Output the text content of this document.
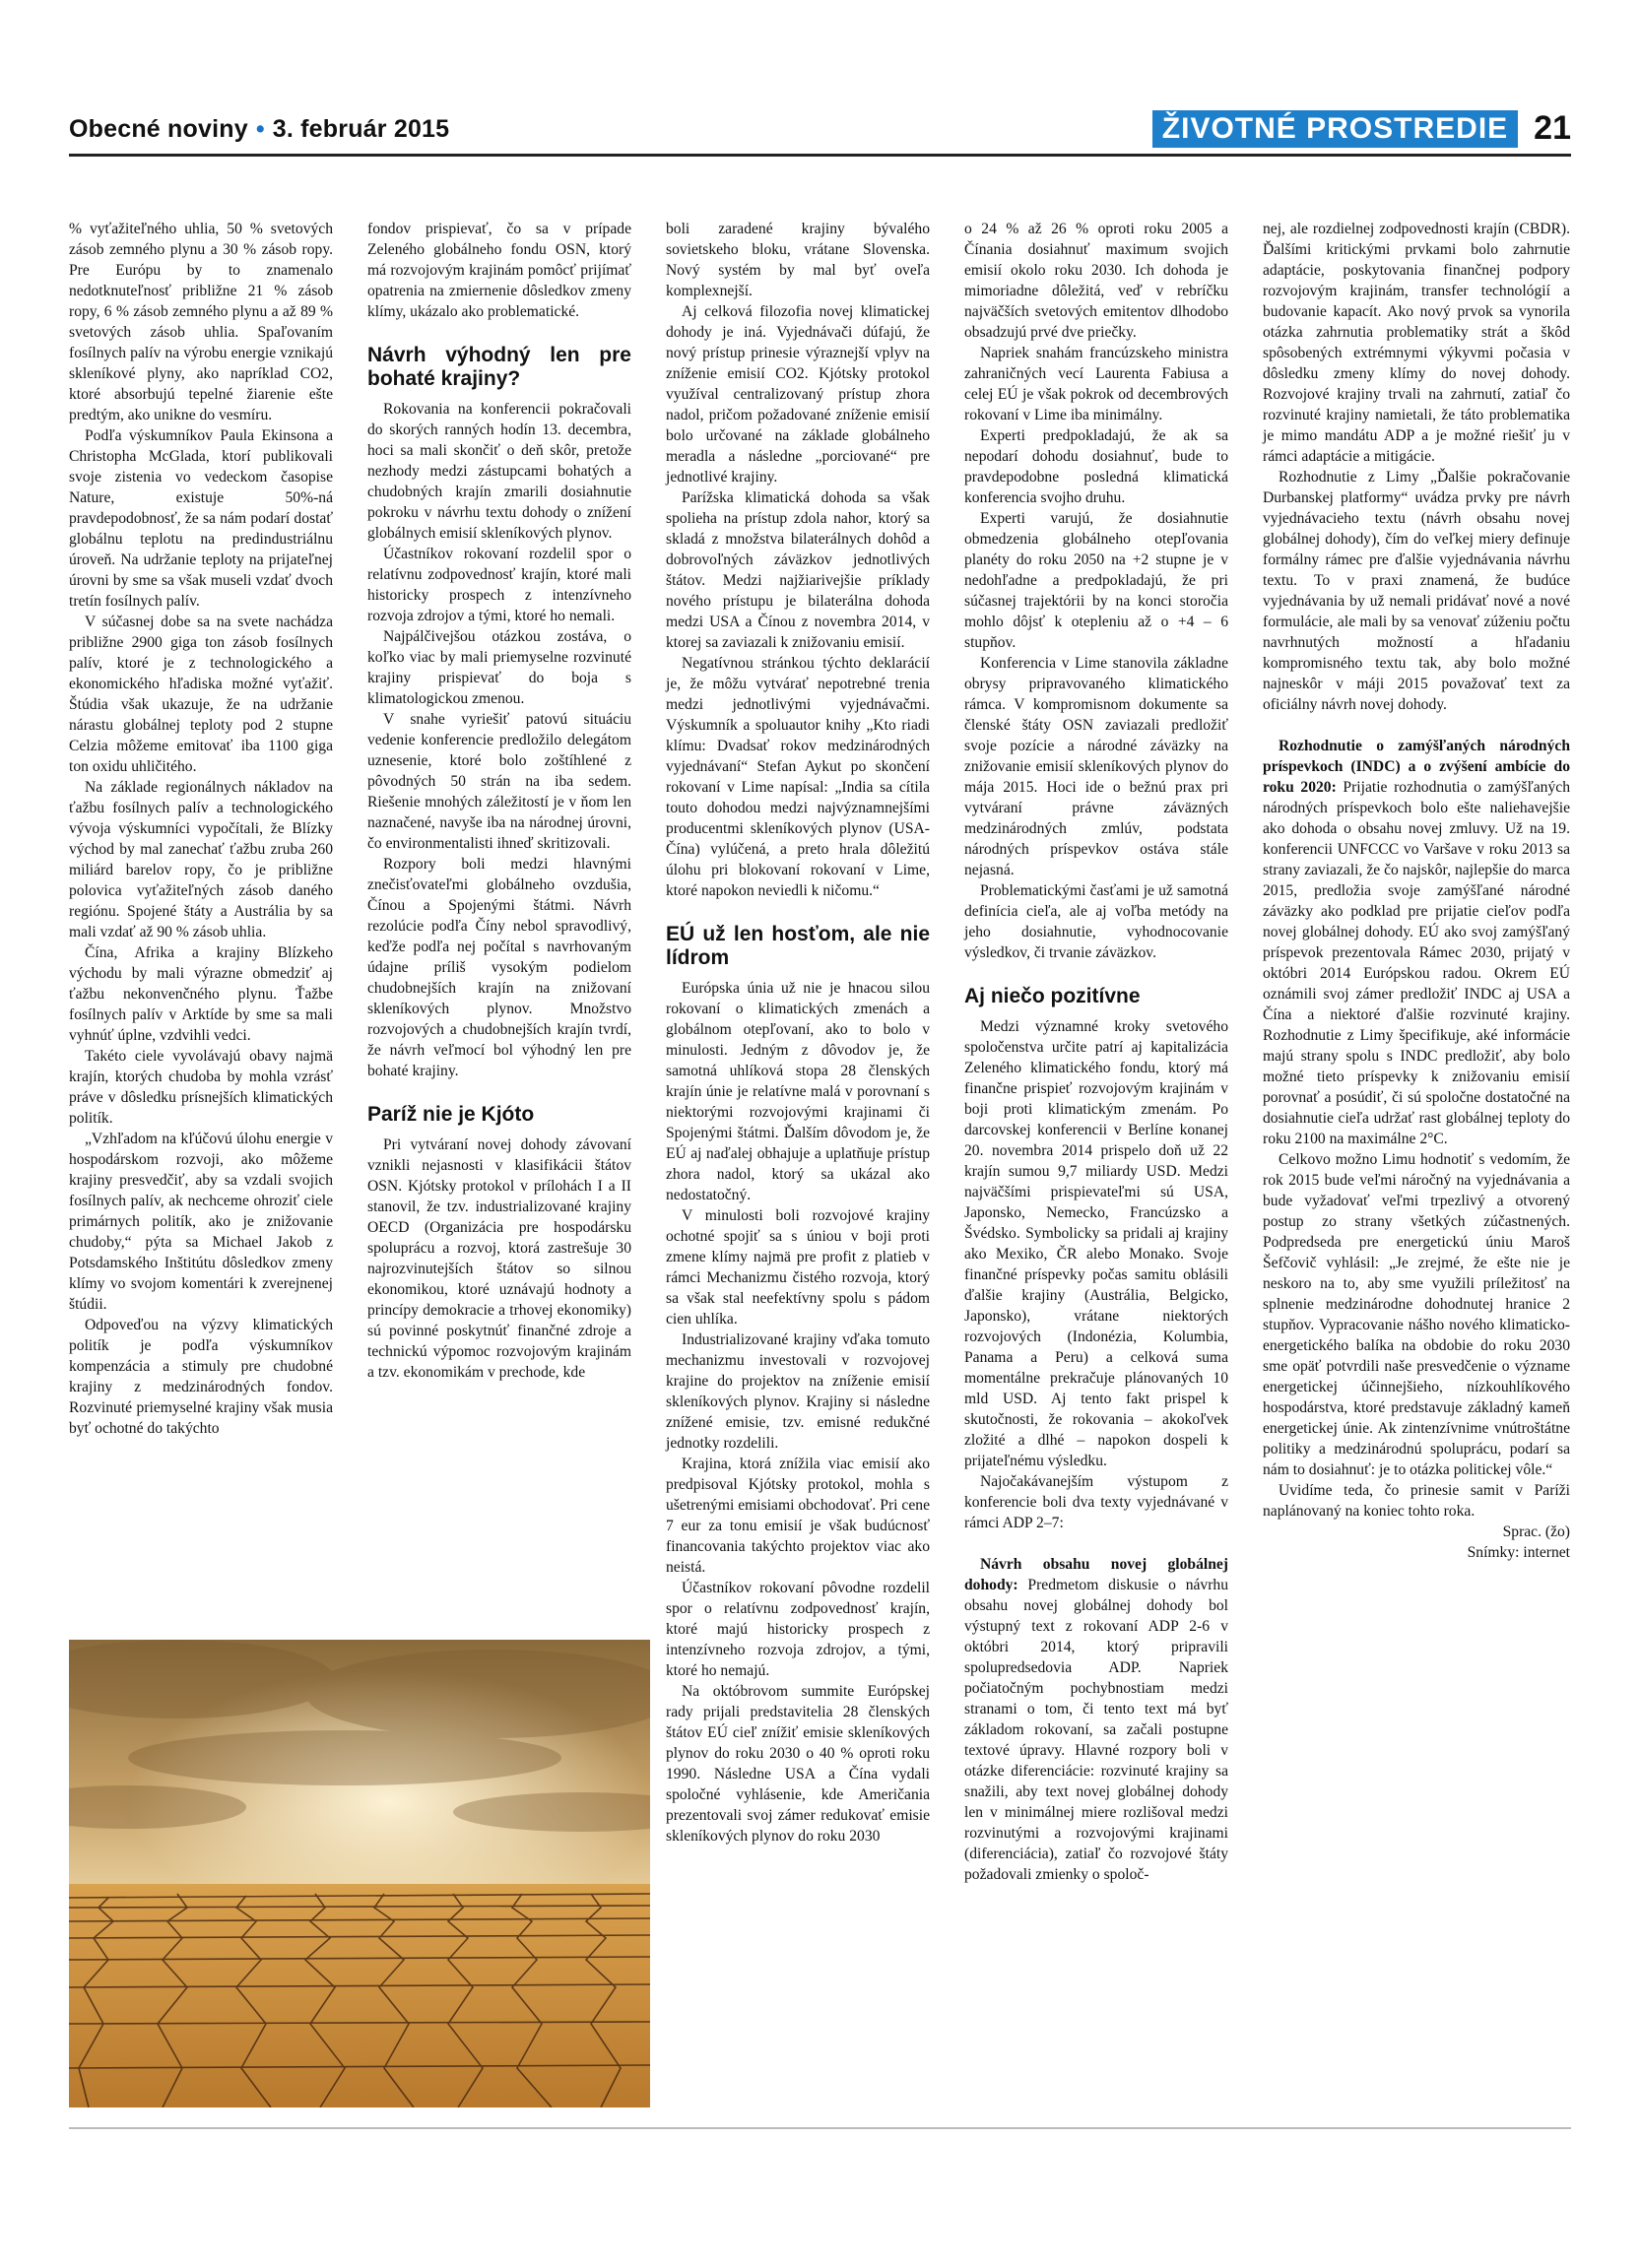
Obecné noviny • 3. február 2015	ŽIVOTNÉ PROSTREDIE 21

% vyťažiteľného uhlia, 50 % svetových zásob zemného plynu a 30 % zásob ropy. Pre Európu by to znamenalo nedotknuteľnosť približne 21 % zásob ropy, 6 % zásob zemného plynu a až 89 % svetových zásob uhlia. Spaľovaním fosílnych palív na výrobu energie vznikajú skleníkové plyny, ako napríklad CO2, ktoré absorbujú tepelné žiarenie ešte predtým, ako unikne do vesmíru.

Podľa výskumníkov Paula Ekinsona a Christopha McGlada, ktorí publikovali svoje zistenia vo vedeckom časopise Nature, existuje 50%-ná pravdepodobnosť, že sa nám podarí dostať globálnu teplotu na predindustriálnu úroveň. Na udržanie teploty na prijateľnej úrovni by sme sa však museli vzdať dvoch tretín fosílnych palív.

V súčasnej dobe sa na svete nachádza približne 2900 giga ton zásob fosílnych palív, ktoré je z technologického a ekonomického hľadiska možné vyťažiť. Štúdia však ukazuje, že na udržanie nárastu globálnej teploty pod 2 stupne Celzia môžeme emitovať iba 1100 giga ton oxidu uhličitého.

Na základe regionálnych nákladov na ťažbu fosílnych palív a technologického vývoja výskumníci vypočítali, že Blízky východ by mal zanechať ťažbu zruba 260 miliárd barelov ropy, čo je približne polovica vyťažiteľných zásob daného regiónu. Spojené štáty a Austrália by sa mali vzdať až 90 % zásob uhlia.

Čína, Afrika a krajiny Blízkeho východu by mali výrazne obmedziť aj ťažbu nekonvenčného plynu. Ťažbe fosílnych palív v Arktíde by sme sa mali vyhnúť úplne, vzdvihli vedci.

Takéto ciele vyvolávajú obavy najmä krajín, ktorých chudoba by mohla vzrásť práve v dôsledku prísnejších klimatických politík.

„Vzhľadom na kľúčovú úlohu energie v hospodárskom rozvoji, ako môžeme krajiny presvedčiť, aby sa vzdali svojich fosílnych palív, ak nechceme ohroziť ciele primárnych politík, ako je znižovanie chudoby,“ pýta sa Michael Jakob z Potsdamského Inštitútu dôsledkov zmeny klímy vo svojom komentári k zverejnenej štúdii.

Odpoveďou na výzvy klimatických politík je podľa výskumníkov kompenzácia a stimuly pre chudobné krajiny z medzinárodných fondov. Rozvinuté priemyselné krajiny však musia byť ochotné do takýchto

fondov prispievať, čo sa v prípade Zeleného globálneho fondu OSN, ktorý má rozvojovým krajinám pomôcť prijímať opatrenia na zmiernenie dôsledkov zmeny klímy, ukázalo ako problematické.

Návrh výhodný len pre bohaté krajiny?

Rokovania na konferencii pokračovali do skorých ranných hodín 13. decembra, hoci sa mali skončiť o deň skôr, pretože nezhody medzi zástupcami bohatých a chudobných krajín zmarili dosiahnutie pokroku v návrhu textu dohody o znížení globálnych emisií skleníkových plynov.

Účastníkov rokovaní rozdelil spor o relatívnu zodpovednosť krajín, ktoré mali historicky prospech z intenzívneho rozvoja zdrojov a tými, ktoré ho nemali.

Najpálčivejšou otázkou zostáva, o koľko viac by mali priemyselne rozvinuté krajiny prispievať do boja s klimatologickou zmenou.

V snahe vyriešiť patovú situáciu vedenie konferencie predložilo delegátom uznesenie, ktoré bolo zoštíhlené z pôvodných 50 strán na iba sedem. Riešenie mnohých záležitostí je v ňom len naznačené, navyše iba na národnej úrovni, čo environmentalisti ihneď skritizovali.

Rozpory boli medzi hlavnými znečisťovateľmi globálneho ovzdušia, Čínou a Spojenými štátmi. Návrh rezolúcie podľa Číny nebol spravodlivý, keďže podľa nej počítal s navrhovaným údajne príliš vysokým podielom chudobnejších krajín na znižovaní skleníkových plynov. Množstvo rozvojových a chudobnejších krajín tvrdí, že návrh veľmocí bol výhodný len pre bohaté krajiny.

Paríž nie je Kjóto

Pri vytváraní novej dohody závovaní vznikli nejasnosti v klasifikácii štátov OSN. Kjótsky protokol v prílohách I a II stanovil, že tzv. industrializované krajiny OECD (Organizácia pre hospodársku spoluprácu a rozvoj, ktorá zastrešuje 30 najrozvinutejších štátov so silnou ekonomikou, ktoré uznávajú hodnoty a princípy demokracie a trhovej ekonomiky) sú povinné poskytnúť finančné zdroje a technickú výpomoc rozvojovým krajinám a tzv. ekonomikám v prechode, kde

boli zaradené krajiny bývalého sovietskeho bloku, vrátane Slovenska. Nový systém by mal byť oveľa komplexnejší.

Aj celková filozofia novej klimatickej dohody je iná. Vyjednávači dúfajú, že nový prístup prinesie výraznejší vplyv na zníženie emisií CO2. Kjótsky protokol využíval centralizovaný prístup zhora nadol, pričom požadované zníženie emisií bolo určované na základe globálneho meradla a následne „porciované“ pre jednotlivé krajiny.

Parížska klimatická dohoda sa však spolieha na prístup zdola nahor, ktorý sa skladá z množstva bilaterálnych dohôd a dobrovoľných záväzkov jednotlivých štátov. Medzi najžiarivejšie príklady nového prístupu je bilaterálna dohoda medzi USA a Čínou z novembra 2014, v ktorej sa zaviazali k znižovaniu emisií.

Negatívnou stránkou týchto deklarácií je, že môžu vytvárať nepotrebné trenia medzi jednotlivými vyjednávačmi. Výskumník a spoluautor knihy „Kto riadi klímu: Dvadsať rokov medzinárodných vyjednávaní“ Stefan Aykut po skončení rokovaní v Lime napísal: „India sa cítila touto dohodou medzi najvýznamnejšími producentmi skleníkových plynov (USA-Čína) vylúčená, a preto hrala dôležitú úlohu pri blokovaní rokovaní v Lime, ktoré napokon neviedli k ničomu.“

EÚ už len hosťom, ale nie lídrom

Európska únia už nie je hnacou silou rokovaní o klimatických zmenách a globálnom otepľovaní, ako to bolo v minulosti. Jedným z dôvodov je, že samotná uhlíková stopa 28 členských krajín únie je relatívne malá v porovnaní s niektorými rozvojovými krajinami či Spojenými štátmi. Ďalším dôvodom je, že EÚ aj naďalej obhajuje a uplatňuje prístup zhora nadol, ktorý sa ukázal ako nedostatočný.

V minulosti boli rozvojové krajiny ochotné spojiť sa s úniou v boji proti zmene klímy najmä pre profit z platieb v rámci Mechanizmu čistého rozvoja, ktorý sa však stal neefektívny spolu s pádom cien uhlíka.

Industrializované krajiny vďaka tomuto mechanizmu investovali v rozvojovej krajine do projektov na zníženie emisií skleníkových plynov. Krajiny si následne znížené emisie, tzv. emisné redukčné jednotky rozdelili.

Krajina, ktorá znížila viac emisií ako predpisoval Kjótsky protokol, mohla s ušetrenými emisiami obchodovať. Pri cene 7 eur za tonu emisií je však budúcnosť financovania takýchto projektov viac ako neistá.

Účastníkov rokovaní pôvodne rozdelil spor o relatívnu zodpovednosť krajín, ktoré majú historicky prospech z intenzívneho rozvoja zdrojov, a tými, ktoré ho nemajú.

Na októbrovom summite Európskej rady prijali predstavitelia 28 členských štátov EÚ cieľ znížiť emisie skleníkových plynov do roku 2030 o 40 % oproti roku 1990. Následne USA a Čína vydali spoločné vyhlásenie, kde Američania prezentovali svoj zámer redukovať emisie skleníkových plynov do roku 2030

o 24 % až 26 % oproti roku 2005 a Čínania dosiahnuť maximum svojich emisií okolo roku 2030. Ich dohoda je mimoriadne dôležitá, veď v rebríčku najväčších svetových emitentov dlhodobo obsadzujú prvé dve priečky.

Napriek snahám francúzskeho ministra zahraničných vecí Laurenta Fabiusa a celej EÚ je však pokrok od decembrových rokovaní v Lime iba minimálny.

Experti predpokladajú, že ak sa nepodarí dohodu dosiahnuť, bude to pravdepodobne posledná klimatická konferencia svojho druhu.

Experti varujú, že dosiahnutie obmedzenia globálneho otepľovania planéty do roku 2050 na +2 stupne je v nedohľadne a predpokladajú, že pri súčasnej trajektórii by na konci storočia mohlo dôjsť k otepleniu až o +4 – 6 stupňov.

Konferencia v Lime stanovila základne obrysy pripravovaného klimatického rámca. V kompromisnom dokumente sa členské štáty OSN zaviazali predložiť svoje pozície a národné záväzky na znižovanie emisií skleníkových plynov do mája 2015. Hoci ide o bežnú prax pri vytváraní právne záväzných medzinárodných zmlúv, podstata národných príspevkov ostáva stále nejasná.

Problematickými časťami je už samotná definícia cieľa, ale aj voľba metódy na jeho dosiahnutie, vyhodnocovanie výsledkov, či trvanie záväzkov.

Aj niečo pozitívne

Medzi významné kroky svetového spoločenstva určite patrí aj kapitalizácia Zeleného klimatického fondu, ktorý má finančne prispieť rozvojovým krajinám v boji proti klimatickým zmenám. Po darcovskej konferencii v Berlíne konanej 20. novembra 2014 prispelo doň už 22 krajín sumou 9,7 miliardy USD. Medzi najväčšími prispievateľmi sú USA, Japonsko, Nemecko, Francúzsko a Švédsko. Symbolicky sa pridali aj krajiny ako Mexiko, ČR alebo Monako. Svoje finančné príspevky počas samitu oblásili ďalšie krajiny (Austrália, Belgicko, Japonsko), vrátane niektorých rozvojových (Indonézia, Kolumbia, Panama a Peru) a celková suma momentálne prekračuje plánovaných 10 mld USD. Aj tento fakt prispel k skutočnosti, že rokovania – akokoľvek zložité a dlhé – napokon dospeli k prijateľnému výsledku.

Najočakávanejším výstupom z konferencie boli dva texty vyjednávané v rámci ADP 2–7:

Návrh obsahu novej globálnej dohody: Predmetom diskusie o návrhu obsahu novej globálnej dohody bol výstupný text z rokovaní ADP 2-6 v októbri 2014, ktorý pripravili spolupredsedovia ADP. Napriek počiatočným pochybnostiam medzi stranami o tom, či tento text má byť základom rokovaní, sa začali postupne textové úpravy. Hlavné rozpory boli v otázke diferenciácie: rozvinuté krajiny sa snažili, aby text novej globálnej dohody len v minimálnej miere rozlišoval medzi rozvinutými a rozvojovými krajinami (diferenciácia), zatiaľ čo rozvojové štáty požadovali zmienky o spoloč-

nej, ale rozdielnej zodpovednosti krajín (CBDR). Ďalšími kritickými prvkami bolo zahrnutie adaptácie, poskytovania finančnej podpory rozvojovým krajinám, transfer technológií a budovanie kapacít. Ako nový prvok sa vynorila otázka zahrnutia problematiky strát a škôd spôsobených extrémnymi výkyvmi počasia v dôsledku zmeny klímy do novej dohody. Rozvojové krajiny trvali na zahrnutí, zatiaľ čo rozvinuté krajiny namietali, že táto problematika je mimo mandátu ADP a je možné riešiť ju v rámci adaptácie a mitigácie.

Rozhodnutie z Limy „Ďalšie pokračovanie Durbanskej platformy“ uvádza prvky pre návrh vyjednávacieho textu (návrh obsahu novej globálnej dohody), čím do veľkej miery definuje formálny rámec pre ďalšie vyjednávania návrhu textu. To v praxi znamená, že budúce vyjednávania by už nemali pridávať nové a nové formulácie, ale mali by sa venovať zúženiu počtu navrhnutých možností a hľadaniu kompromisného textu tak, aby bolo možné najneskôr v máji 2015 považovať text za oficiálny návrh novej dohody.

Rozhodnutie o zamýšľaných národných príspevkoch (INDC) a o zvýšení ambície do roku 2020: Prijatie rozhodnutia o zamýšľaných národných príspevkoch bolo ešte naliehavejšie ako dohoda o obsahu novej zmluvy. Už na 19. konferencii UNFCCC vo Varšave v roku 2013 sa strany zaviazali, že čo najskôr, najlepšie do marca 2015, predložia svoje zamýšľané národné záväzky ako podklad pre prijatie cieľov podľa novej globálnej dohody. EÚ ako svoj zamýšľaný príspevok prezentovala Rámec 2030, prijatý v októbri 2014 Európskou radou. Okrem EÚ oznámili svoj zámer predložiť INDC aj USA a Čína a niektoré ďalšie rozvinuté krajiny. Rozhodnutie z Limy špecifikuje, aké informácie majú strany spolu s INDC predložiť, aby bolo možné tieto príspevky k znižovaniu emisií porovnať a posúdiť, či sú spoločne dostatočné na dosiahnutie cieľa udržať rast globálnej teploty do roku 2100 na maximálne 2°C.

Celkovo možno Limu hodnotiť s vedomím, že rok 2015 bude veľmi náročný na vyjednávania a bude vyžadovať veľmi trpezlivý a otvorený postup zo strany všetkých zúčastnených. Podpredseda pre energetickú úniu Maroš Šefčovič vyhlásil: „Je zrejmé, že ešte nie je neskoro na to, aby sme využili príležitosť na splnenie medzinárodne dohodnutej hranice 2 stupňov. Vypracovanie nášho nového klimaticko-energetického balíka na obdobie do roku 2030 sme opäť potvrdili naše presvedčenie o význame energetickej účinnejšieho, nízkouhlíkového hospodárstva, ktoré predstavuje základný kameň energetickej únie. Ak zintenzívnime vnútroštátne politiky a medzinárodnú spoluprácu, podarí sa nám to dosiahnuť: je to otázka politickej vôle.“

Uvidíme teda, čo prinesie samit v Paríži naplánovaný na koniec tohto roka.

Sprac. (žo)

Snímky: internet
